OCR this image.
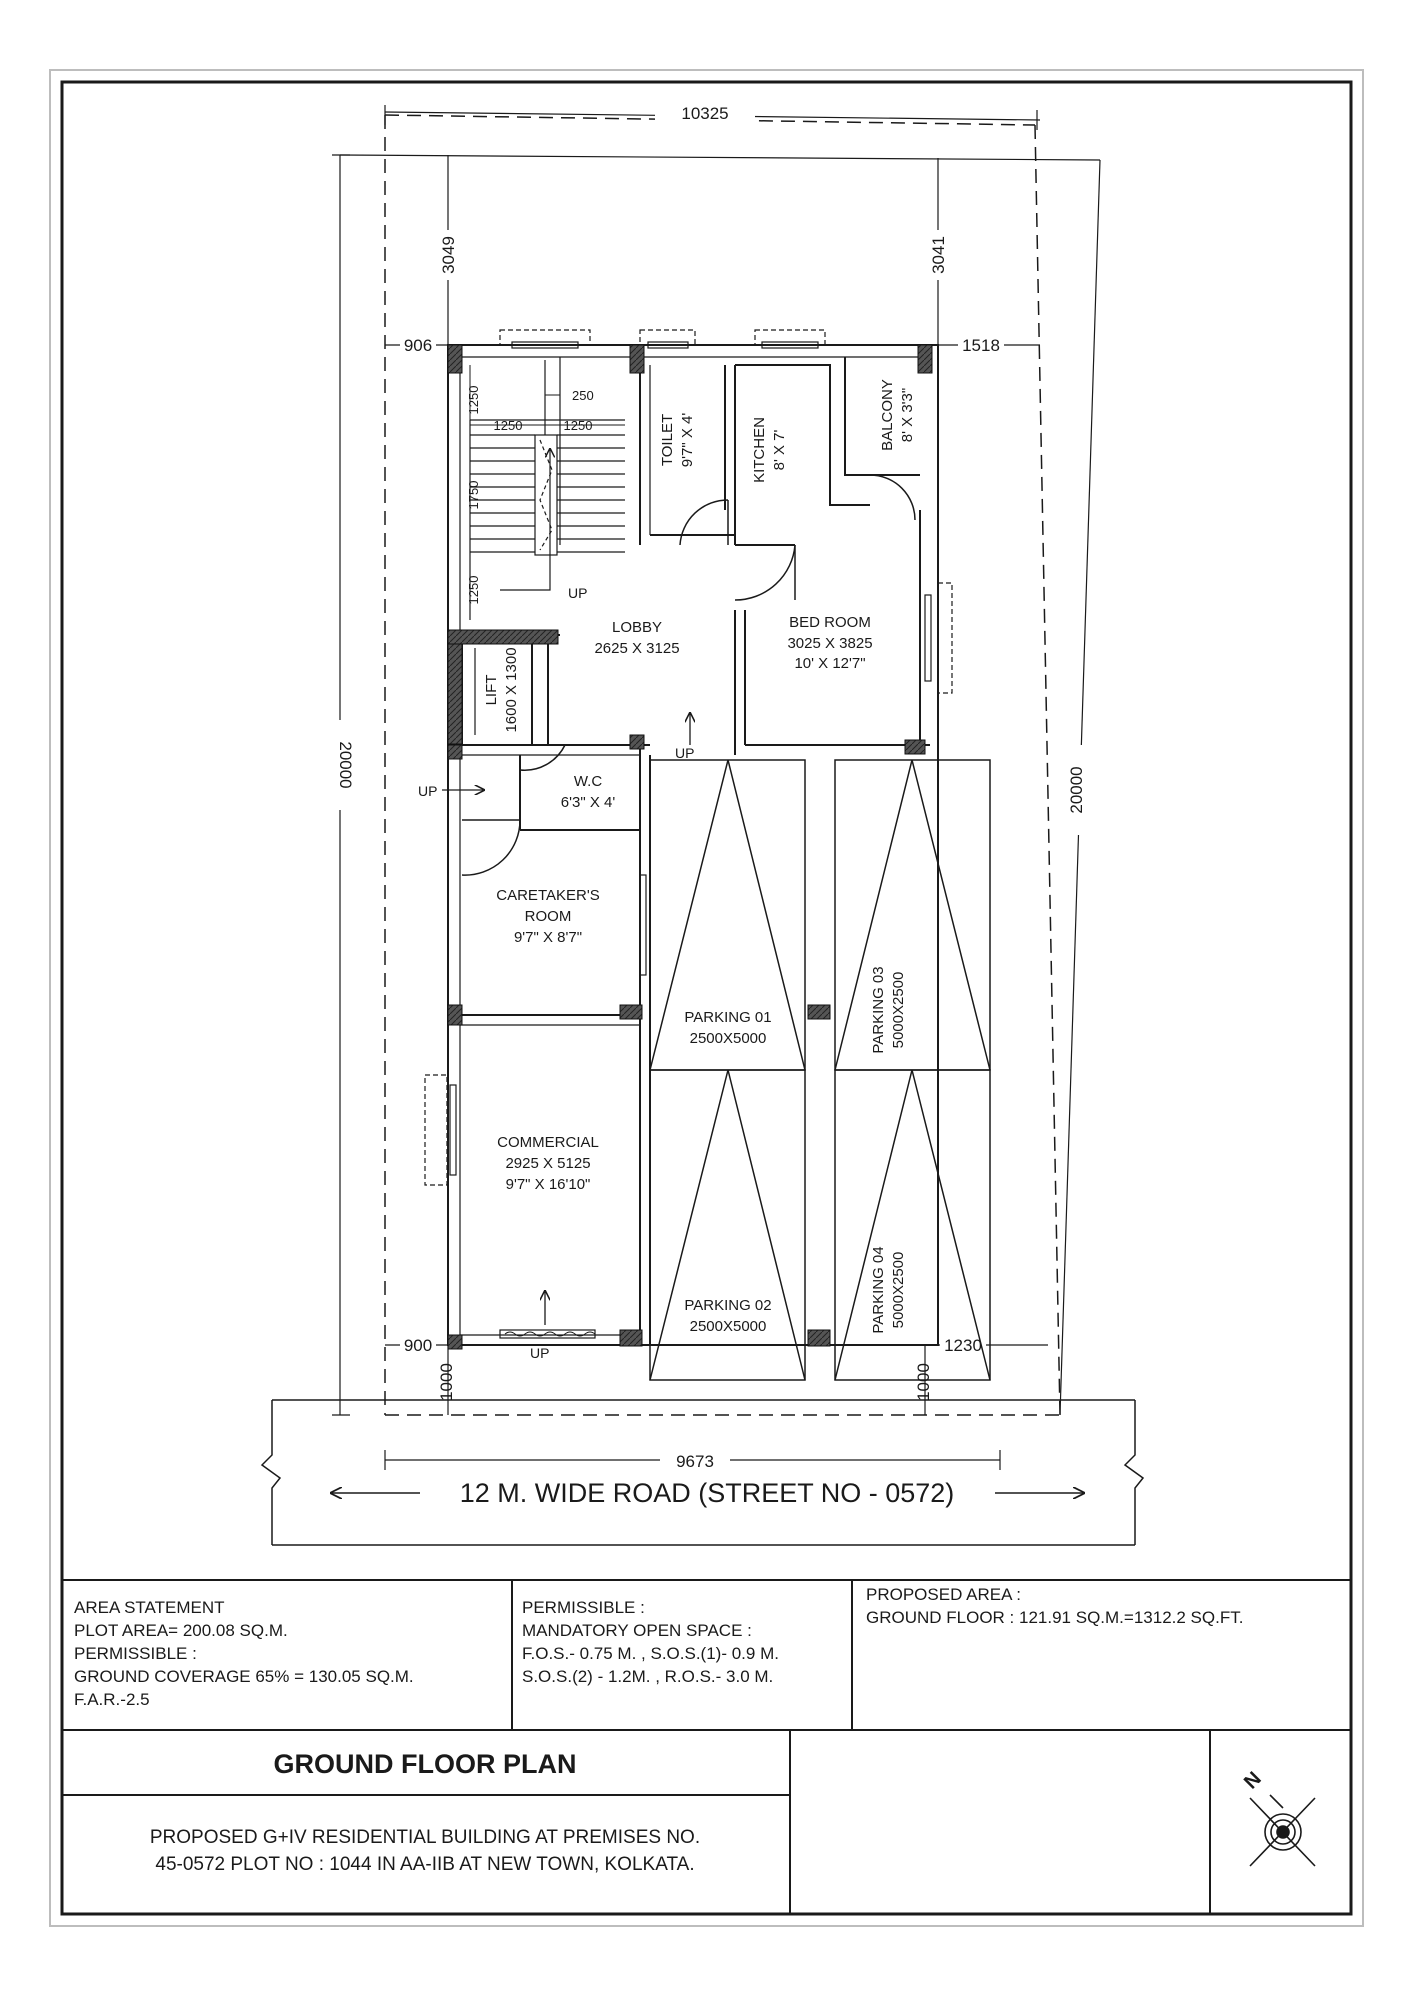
10325
20000
20000
3049	3041
906	1518
900	1230
1000	1000
9673
1250
1250	1250
250
1750
1250	UP
UP
UP
UP
TOILET 9'7" X 4'	KITCHEN 8' X 7'	BALCONY 8' X 3'3"
LOBBY
2625 X 3125
BED ROOM
3025 X 3825
10' X 12'7"
LIFT 1600 X 1300
W.C
6'3" X 4'
CARETAKER'S
ROOM
9'7" X 8'7"
COMMERCIAL
2925 X 5125
9'7" X 16'10"
PARKING 01
2500X5000
PARKING 02
2500X5000
PARKING 03 5000X2500
PARKING 04 5000X2500
12 M. WIDE ROAD (STREET NO - 0572)
AREA STATEMENT
PLOT AREA= 200.08 SQ.M.
PERMISSIBLE :
GROUND COVERAGE 65% = 130.05 SQ.M.
F.A.R.-2.5
PERMISSIBLE :
MANDATORY OPEN SPACE :
F.O.S.- 0.75 M. , S.O.S.(1)- 0.9 M.
S.O.S.(2) - 1.2M. , R.O.S.- 3.0 M.
PROPOSED AREA :
GROUND FLOOR : 121.91 SQ.M.=1312.2 SQ.FT.
GROUND FLOOR PLAN
PROPOSED G+IV RESIDENTIAL BUILDING AT PREMISES NO.
45-0572 PLOT NO : 1044 IN AA-IIB AT NEW TOWN, KOLKATA.
N
